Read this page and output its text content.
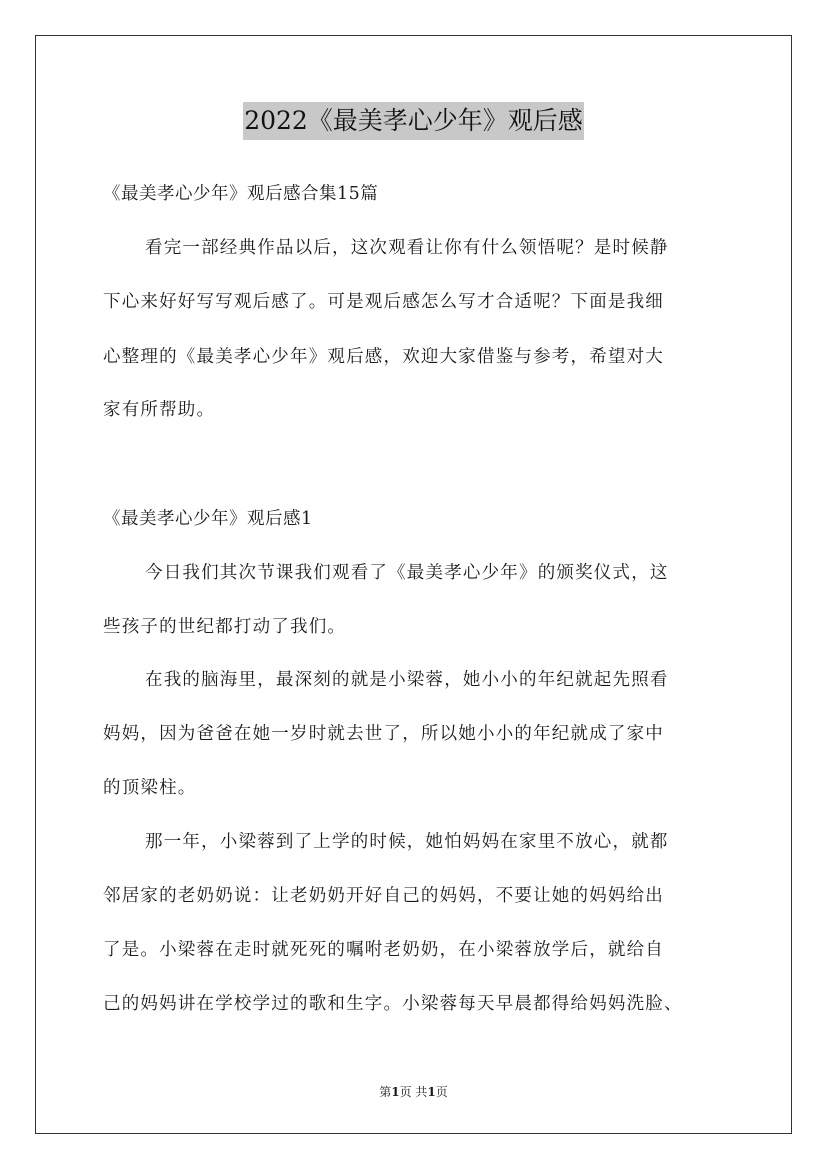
2022《最美孝心少年》观后感
《最美孝心少年》观后感合集15篇
看完一部经典作品以后，这次观看让你有什么领悟呢？是时候静
下心来好好写写观后感了。可是观后感怎么写才合适呢？下面是我细
心整理的《最美孝心少年》观后感，欢迎大家借鉴与参考，希望对大
家有所帮助。
《最美孝心少年》观后感1
今日我们其次节课我们观看了《最美孝心少年》的颁奖仪式，这
些孩子的世纪都打动了我们。
在我的脑海里，最深刻的就是小梁蓉，她小小的年纪就起先照看
妈妈，因为爸爸在她一岁时就去世了，所以她小小的年纪就成了家中
的顶梁柱。
那一年，小梁蓉到了上学的时候，她怕妈妈在家里不放心，就都
邻居家的老奶奶说：让老奶奶开好自己的妈妈，不要让她的妈妈给出
了是。小梁蓉在走时就死死的嘱咐老奶奶，在小梁蓉放学后，就给自
己的妈妈讲在学校学过的歌和生字。小梁蓉每天早晨都得给妈妈洗脸、
第1页 共1页
